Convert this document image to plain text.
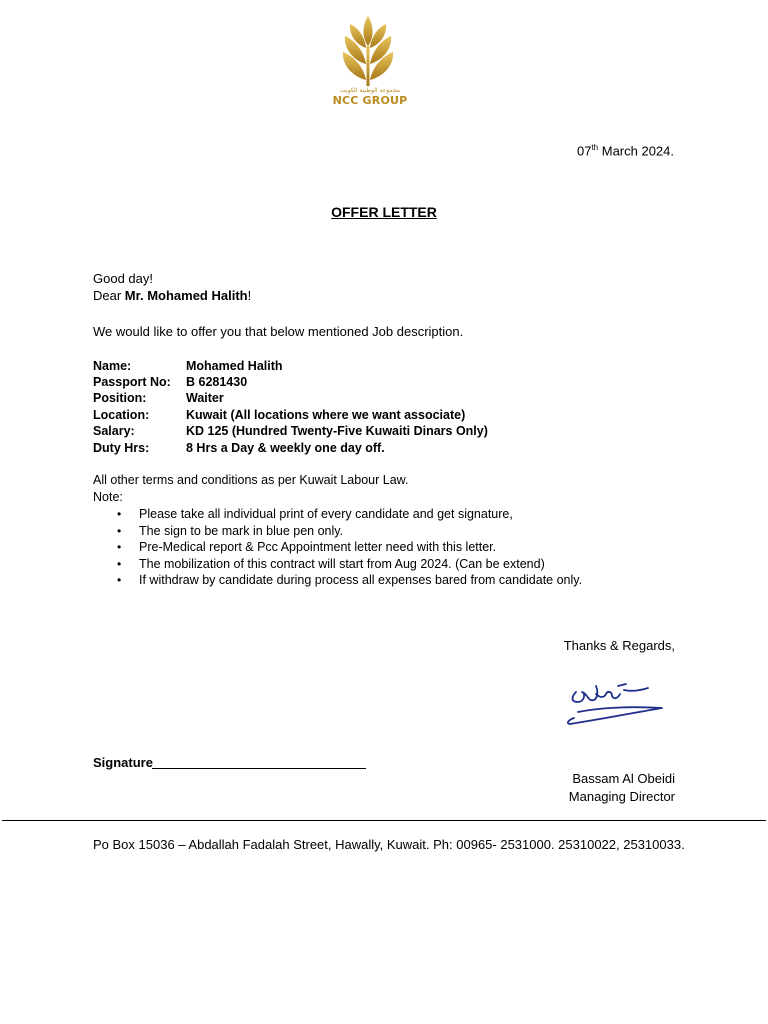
مجموعة الوطنية الكويت
NCC GROUP
07th March 2024.
OFFER LETTER
Good day!
Dear Mr. Mohamed Halith!
We would like to offer you that below mentioned Job description.
Name:	Mohamed Halith
Passport No: B 6281430
Position:	Waiter
Location:	Kuwait (All locations where we want associate)
Salary:	KD 125 (Hundred Twenty-Five Kuwaiti Dinars Only)
Duty Hrs:	8 Hrs a Day & weekly one day off.
All other terms and conditions as per Kuwait Labour Law.
Note:
• Please take all individual print of every candidate and get signature,
• The sign to be mark in blue pen only.
• Pre-Medical report & Pcc Appointment letter need with this letter.
• The mobilization of this contract will start from Aug 2024. (Can be extend)
• If withdraw by candidate during process all expenses bared from candidate only.
Thanks & Regards,
Signature
Bassam Al Obeidi
Managing Director
Po Box 15036 – Abdallah Fadalah Street, Hawally, Kuwait. Ph: 00965- 2531000. 25310022, 25310033.
